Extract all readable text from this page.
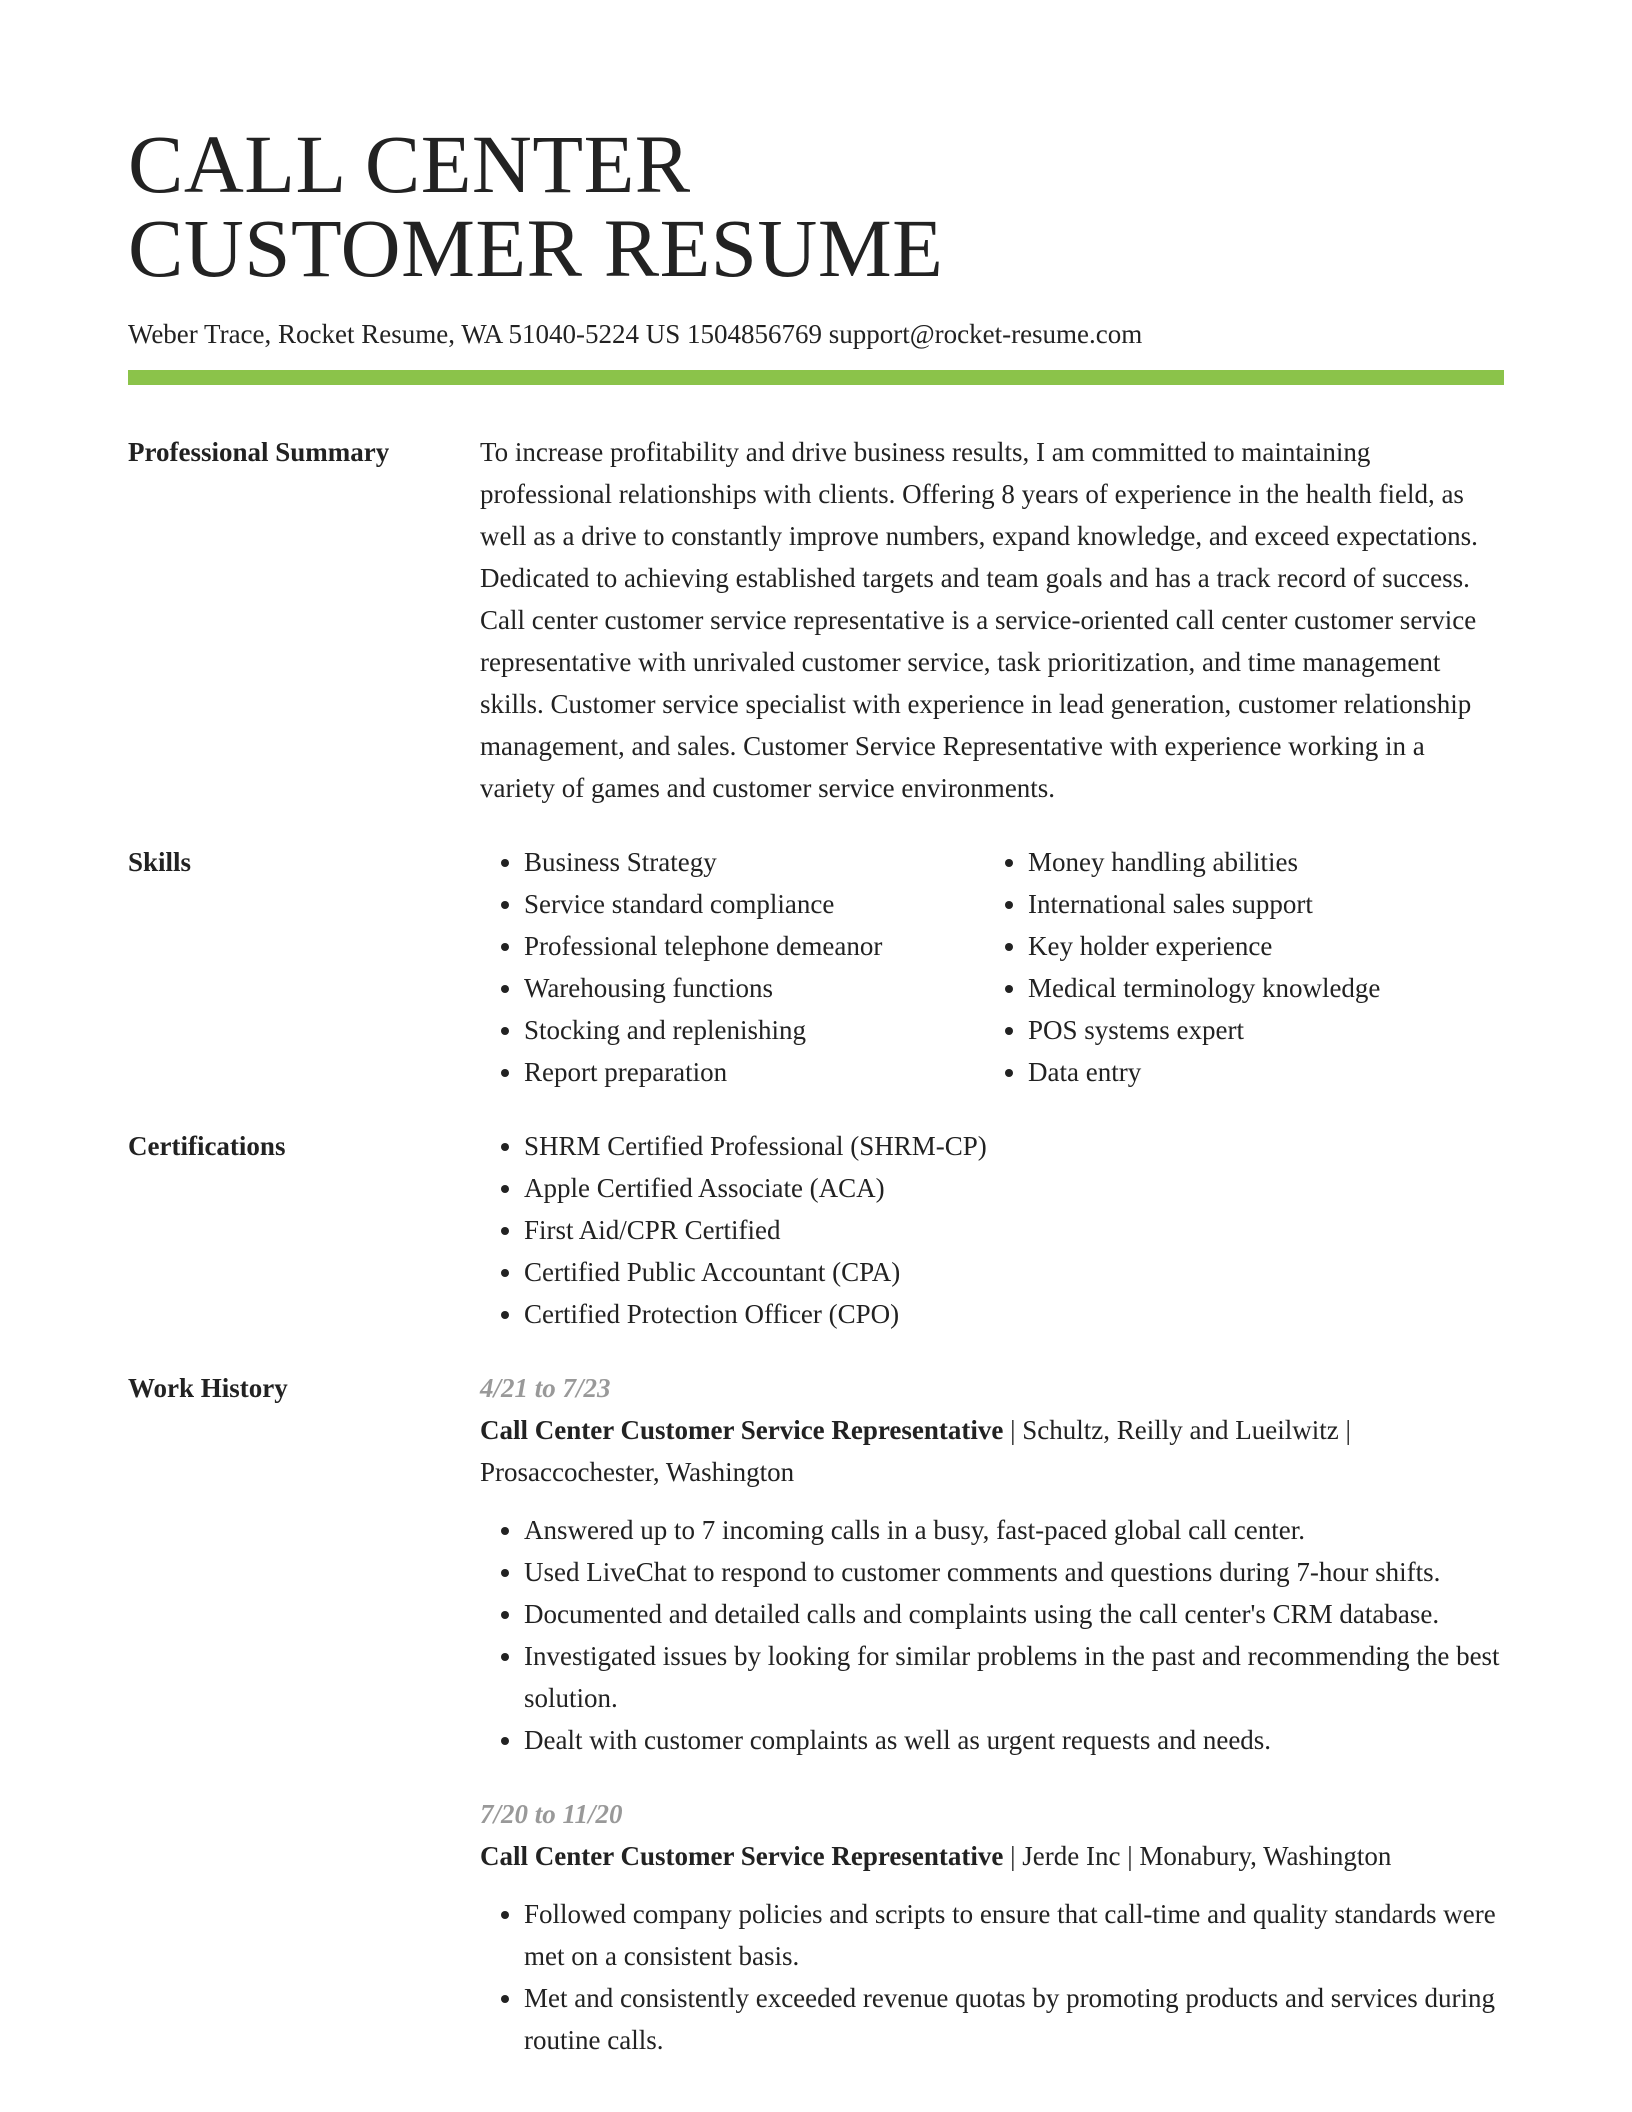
CALL CENTER
CUSTOMER RESUME
Weber Trace, Rocket Resume, WA 51040-5224 US 1504856769 support@rocket-resume.com
Professional Summary	To increase profitability and drive business results, I am committed to maintaining professional relationships with clients. Offering 8 years of experience in the health field, as well as a drive to constantly improve numbers, expand knowledge, and exceed expectations. Dedicated to achieving established targets and team goals and has a track record of success. Call center customer service representative is a service-oriented call center customer service representative with unrivaled customer service, task prioritization, and time management skills. Customer service specialist with experience in lead generation, customer relationship management, and sales. Customer Service Representative with experience working in a variety of games and customer service environments.

Skills	• Business Strategy
• Service standard compliance
• Professional telephone demeanor
• Warehousing functions
• Stocking and replenishing
• Report preparation
• Money handling abilities
• International sales support
• Key holder experience
• Medical terminology knowledge
• POS systems expert
• Data entry
Certifications	• SHRM Certified Professional (SHRM-CP)
• Apple Certified Associate (ACA)
• First Aid/CPR Certified
• Certified Public Accountant (CPA)
• Certified Protection Officer (CPO)
Work History	4/21 to 7/23
Call Center Customer Service Representative | Schultz, Reilly and Lueilwitz | Prosaccochester, Washington
• Answered up to 7 incoming calls in a busy, fast-paced global call center.
• Used LiveChat to respond to customer comments and questions during 7-hour shifts.
• Documented and detailed calls and complaints using the call center's CRM database.
• Investigated issues by looking for similar problems in the past and recommending the best solution.
• Dealt with customer complaints as well as urgent requests and needs.
7/20 to 11/20
Call Center Customer Service Representative | Jerde Inc | Monabury, Washington
• Followed company policies and scripts to ensure that call-time and quality standards were met on a consistent basis.
• Met and consistently exceeded revenue quotas by promoting products and services during routine calls.
